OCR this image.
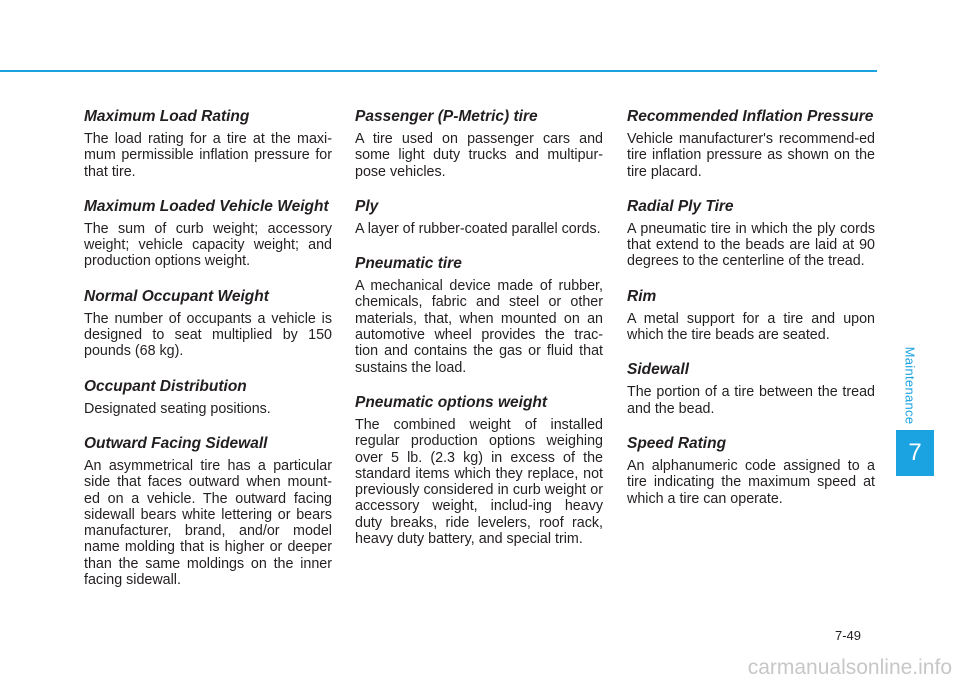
Maximum Load Rating

The load rating for a tire at the maxi-mum permissible inflation pressure for that tire.

Maximum Loaded Vehicle Weight

The sum of curb weight; accessory weight; vehicle capacity weight; and production options weight.

Normal Occupant Weight

The number of occupants a vehicle is designed to seat multiplied by 150 pounds (68 kg).

Occupant Distribution

Designated seating positions.

Outward Facing Sidewall

An asymmetrical tire has a particular side that faces outward when mount-ed on a vehicle. The outward facing sidewall bears white lettering or bears manufacturer, brand, and/or model name molding that is higher or deeper than the same moldings on the inner facing sidewall.

Passenger (P-Metric) tire

A tire used on passenger cars and some light duty trucks and multipur-pose vehicles.

Ply

A layer of rubber-coated parallel cords.

Pneumatic tire

A mechanical device made of rubber, chemicals, fabric and steel or other materials, that, when mounted on an automotive wheel provides the trac-tion and contains the gas or fluid that sustains the load.

Pneumatic options weight

The combined weight of installed regular production options weighing over 5 lb. (2.3 kg) in excess of the standard items which they replace, not previously considered in curb weight or accessory weight, includ-ing heavy duty breaks, ride levelers, roof rack, heavy duty battery, and special trim.

Recommended Inflation Pressure

Vehicle manufacturer's recommend-ed tire inflation pressure as shown on the tire placard.

Radial Ply Tire

A pneumatic tire in which the ply cords that extend to the beads are laid at 90 degrees to the centerline of the tread.

Rim

A metal support for a tire and upon which the tire beads are seated.

Sidewall

The portion of a tire between the tread and the bead.

Speed Rating

An alphanumeric code assigned to a tire indicating the maximum speed at which a tire can operate.

Maintenance
7
7-49
carmanualsonline.info
